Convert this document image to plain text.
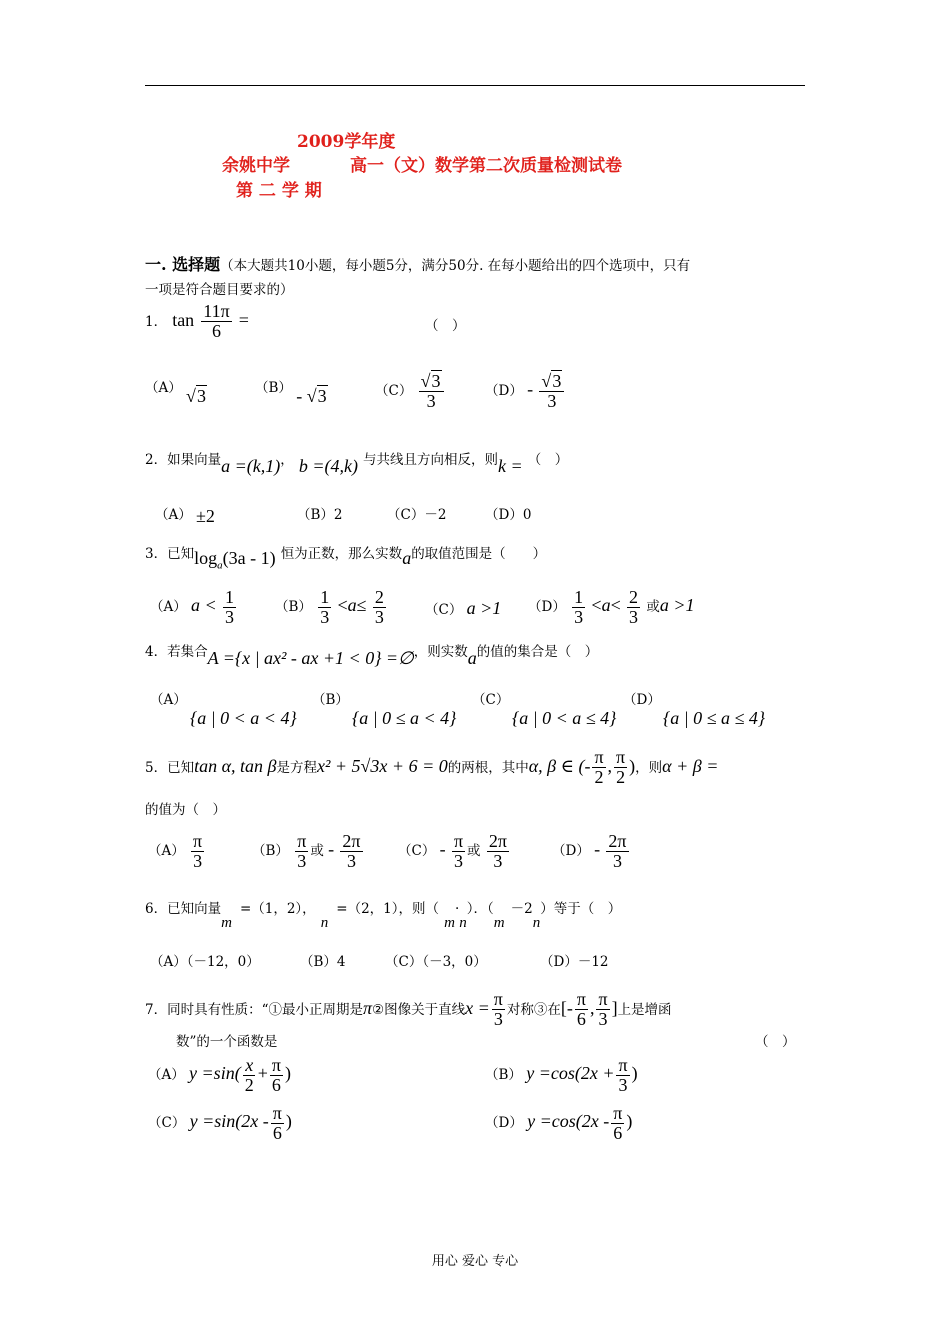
2009学年度
余姚中学	高一（文）数学第二次质量检测试卷
第 二 学 期
一. 选择题（本大题共10小题，每小题5分，满分50分. 在每小题给出的四个选项中，只有
一项是符合题目要求的）
1． $\tan \frac{11\pi}{6}$ =	（　）
（A） √3	（B） - √3	$(C) \frac{√3}{3}$	$(D) - \frac{√3}{3}$
2．如果向量a =(k,1)， b =(4,k) 与共线且方向相反，则k = （　）
（A） ±2	（B）2	（C）－2	（D）0
3．已知$\log_a(3a - 1)$ 恒为正数，那么实数a的取值范围是（　　）
（A） $a < \frac{1}{3}$	$(B) \frac{1}{3} <a\le \frac{2}{3}$	（C） a >1 $(D) \frac{1}{3} <a< \frac{2}{3}$ 或a >1
4．若集合A ={x | ax² - ax +1 < 0} =∅，则实数a的值的集合是（　）
（A）
{a | 0 < a < 4}
（B）
{a | 0 ≤ a < 4}
（C）
{a | 0 < a ≤ 4}
（D）
{a | 0 ≤ a ≤ 4}
5．已知tan α, tan β是方程x² + 5√3x + 6 = 0的两根，其中α, β ∈ (- $\frac{\pi}{2}$ , $\frac{\pi}{2}$ )，则α + β =
的值为（　）
$(A) \frac{\pi}{3}$	$(B) \frac{\pi}{3}$ 或 - $\frac{2\pi}{3}$	$(C) - \frac{\pi}{3}$ 或 $\frac{2\pi}{3}$	$(D) - \frac{2\pi}{3}$
6．已知向量m=（1，2）， n=（2，1），则（ m·n）．（m－2n）等于（　）
（A）（－12，0）	（B）4	（C）（－3，0）	（D）－12
7．同时具有性质：“①最小正周期是π②图像关于直线$x = \frac{\pi}{3}$ 对称③在[- $\frac{\pi}{6}$ , $\frac{\pi}{3}$ ]上是增函
数”的一个函数是	（　）
（A） $y =\sin( \frac{x}{2} + \frac{\pi}{6}$ )	（B） $y =\cos(2x + \frac{\pi}{3}$ )
（C） $y =\sin(2x - \frac{\pi}{6}$ )	（D） $y =\cos(2x - \frac{\pi}{6}$ )
用心 爱心 专心
